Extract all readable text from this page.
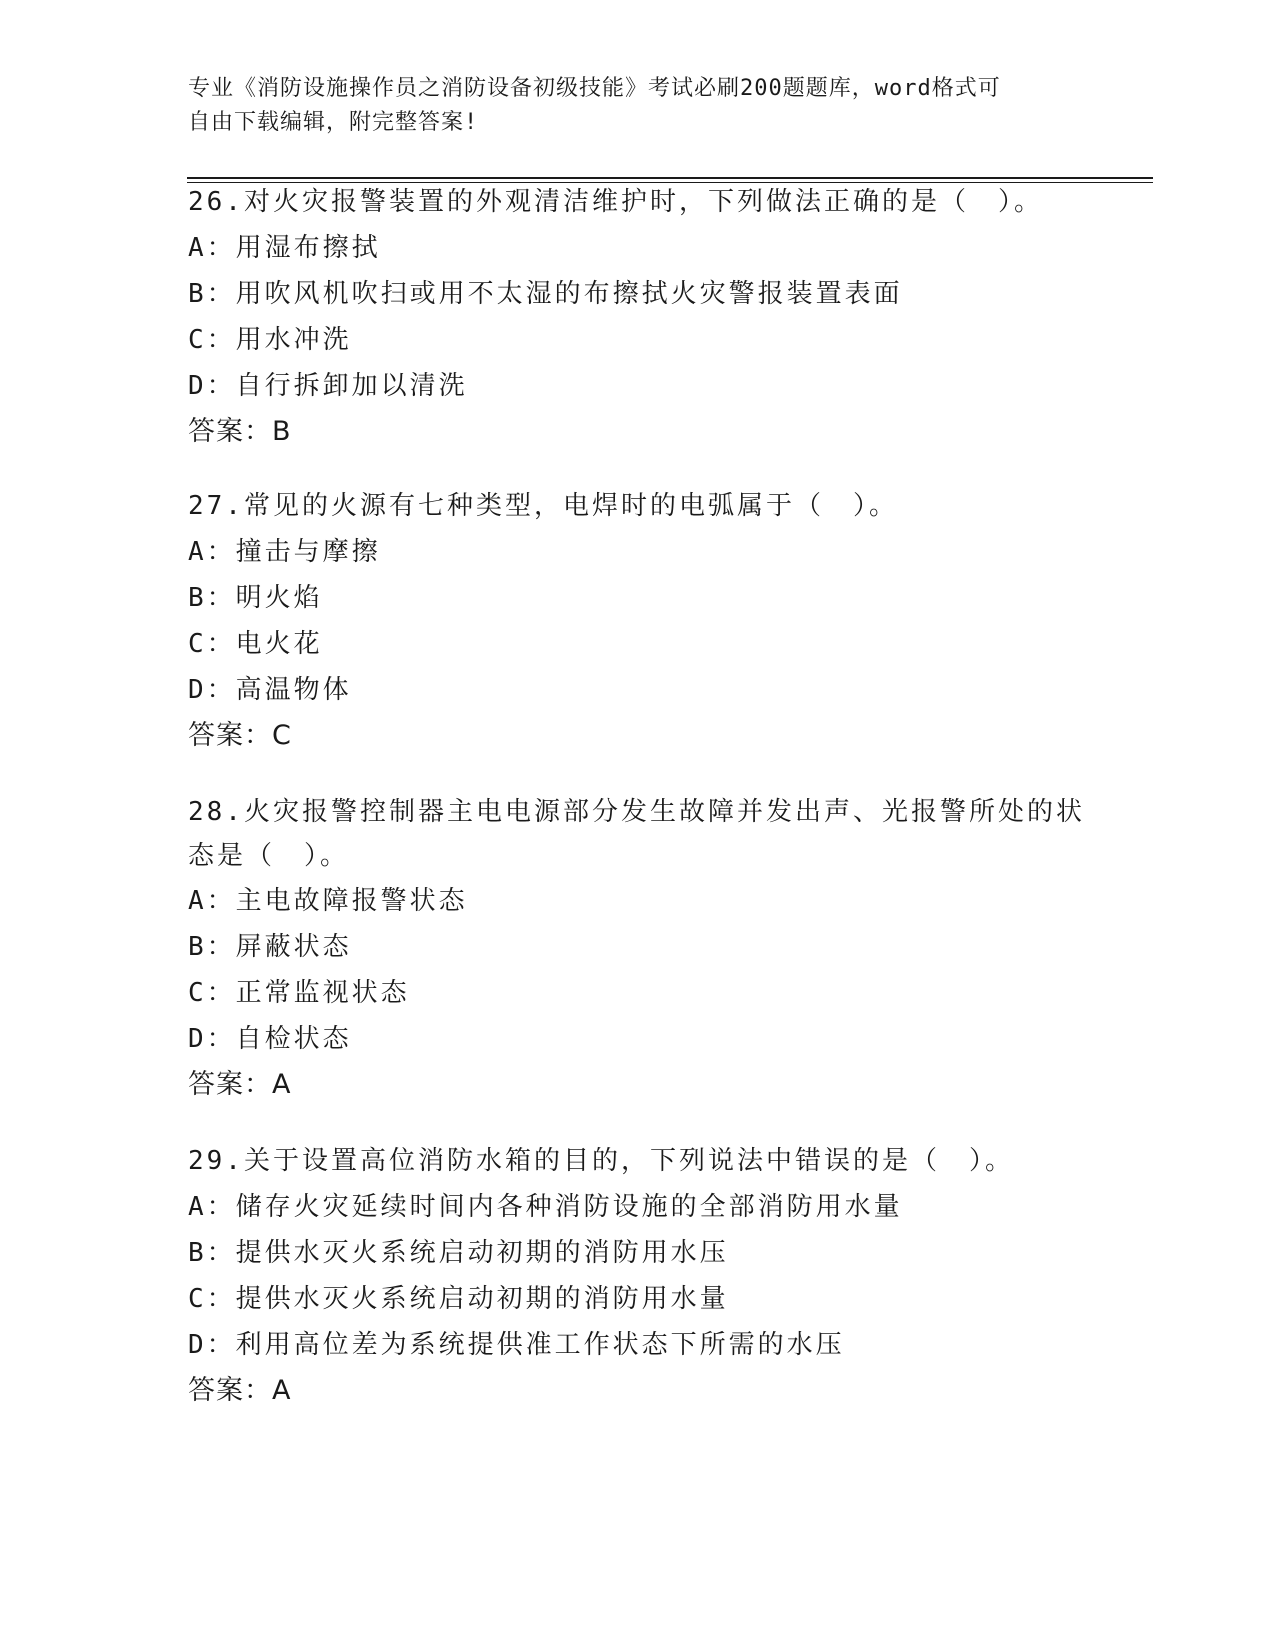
专业《消防设施操作员之消防设备初级技能》考试必刷200题题库，word格式可
自由下载编辑，附完整答案!
26.对火灾报警装置的外观清洁维护时，下列做法正确的是（　）。
A：用湿布擦拭
B：用吹风机吹扫或用不太湿的布擦拭火灾警报装置表面
C：用水冲洗
D：自行拆卸加以清洗
答案：B
27.常见的火源有七种类型，电焊时的电弧属于（　）。
A：撞击与摩擦
B：明火焰
C：电火花
D：高温物体
答案：C
28.火灾报警控制器主电电源部分发生故障并发出声、光报警所处的状
态是（　）。
A：主电故障报警状态
B：屏蔽状态
C：正常监视状态
D：自检状态
答案：A
29.关于设置高位消防水箱的目的，下列说法中错误的是（　）。
A：储存火灾延续时间内各种消防设施的全部消防用水量
B：提供水灭火系统启动初期的消防用水压
C：提供水灭火系统启动初期的消防用水量
D：利用高位差为系统提供准工作状态下所需的水压
答案：A
